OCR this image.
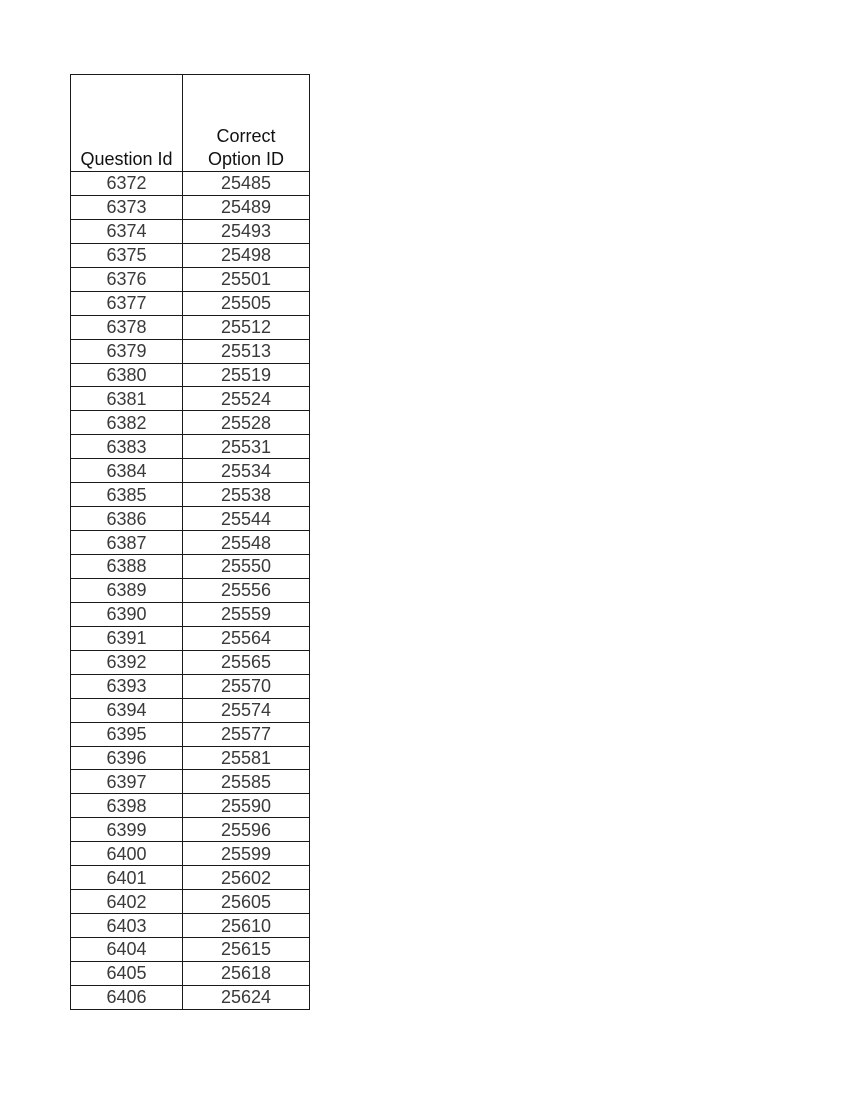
Question Id	Correct
Option ID

6372	25485
6373	25489
6374	25493
6375	25498
6376	25501
6377	25505
6378	25512
6379	25513
6380	25519
6381	25524
6382	25528
6383	25531
6384	25534
6385	25538
6386	25544
6387	25548
6388	25550
6389	25556
6390	25559
6391	25564
6392	25565
6393	25570
6394	25574
6395	25577
6396	25581
6397	25585
6398	25590
6399	25596
6400	25599
6401	25602
6402	25605
6403	25610
6404	25615
6405	25618
6406	25624
